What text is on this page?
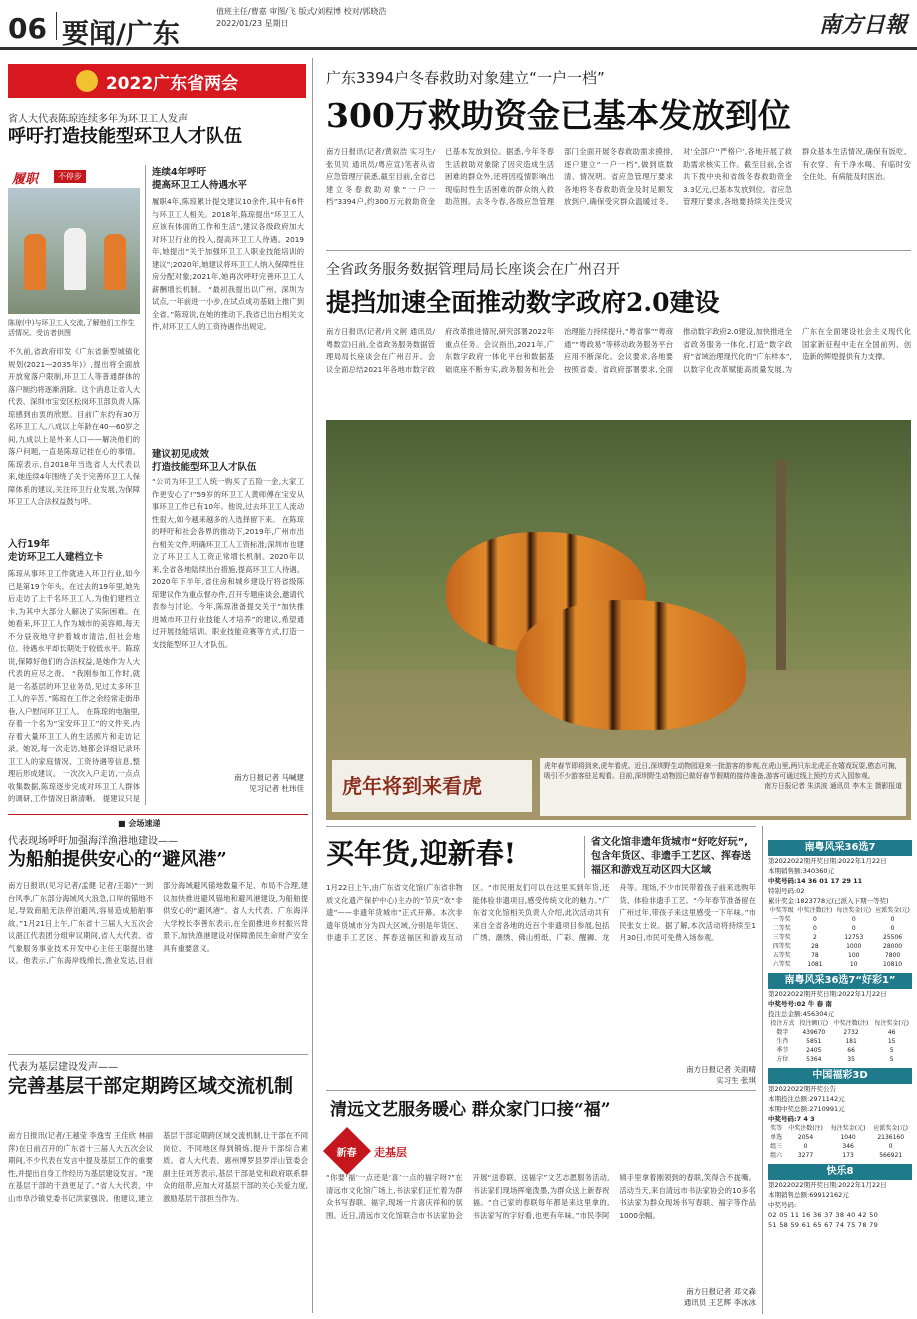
06 要闻/广东
值班主任/曹嘉 审图/飞 版式/刘程博 校对/郭晓浩
2022/01/23 星期日	南方日報
2022广东省两会
省人大代表陈琼连续多年为环卫工人发声
呼吁打造技能型环卫人才队伍
履职	不停步
陈琼(中)与环卫工人交流,了解他们工作生活情况。受访者供图
不久前,省政府印发《广东省新型城镇化规划(2021—2035年)》,提出将全面放开放宽落户限制,环卫工人等普通群体的落户制约将逐渐消除。这个消息让省人大代表、深圳市宝安区松岗环卫部负责人陈琼感到由衷的欣慰。目前广东约有30万名环卫工人,八成以上年龄在40—60岁之间,九成以上是外来人口——解决他们的落户问题,一直是陈琼记挂在心的事情。陈琼表示,自2018年当选省人大代表以来,她连续4年围绕了关于完善环卫工人保障体系的建议,关注环卫行业发展,为保障环卫工人合法权益鼓与呼。
入行19年
走访环卫工人建档立卡
陈琼从事环卫工作就进入环卫行业,如今已是第19个年头。在过去的19年里,她先后走访了上千名环卫工人,为他们建档立卡,为其中大部分人解决了实际困难。在她看来,环卫工人作为城市的美容师,每天不分昼夜地守护着城市清洁,但社会地位、待遇水平却长期处于较低水平。陈琼说,保障好他们的合法权益,是她作为人大代表的应尽之责。 “我刚参加工作时,就是一名基层的环卫业务员,见过太多环卫工人的辛苦。”陈琼在工作之余经常走街串巷,入户慰问环卫工人。 在陈琼的电脑里,存着一个名为“宝安环卫工”的文件夹,内存着大量环卫工人的生活照片和走访记录。她说,每一次走访,她都会详细记录环卫工人的家庭情况、工资待遇等信息,整理后形成建议。 一次次入户走访,一点点收集数据,陈琼逐步完成对环卫工人群体的调研,工作情况日渐清晰。 提建议只是
连续4年呼吁
提高环卫工人待遇水平
履职4年,陈琼累计提交建议10余件,其中有6件与环卫工人相关。2018年,陈琼提出“环卫工人应该有体面的工作和生活”,建议各级政府加大对环卫行业的投入,提高环卫工人待遇。2019年,她提出“关于加强环卫工人职业技能培训的建议”;2020年,她建议将环卫工人纳入保障性住房分配对象;2021年,她再次呼吁完善环卫工人薪酬增长机制。 “最初我提出以广州、深圳为试点,一年前进一小步,在试点成功基础上推广到全省。”陈琼说,在她的推动下,我省已出台相关文件,对环卫工人的工资待遇作出规定。
建议初见成效
打造技能型环卫人才队伍
“公司为环卫工人统一购买了五险一金,大家工作更安心了!”59岁的环卫工人黄师傅在宝安从事环卫工作已有10年。他说,过去环卫工人流动性很大,如今越来越多的人选择留下来。 在陈琼的呼吁和社会各界的推动下,2019年,广州市出台相关文件,明确环卫工人工资标准;深圳市也建立了环卫工人工资正常增长机制。2020年以来,全省各地陆续出台措施,提高环卫工人待遇。 2020年下半年,省住房和城乡建设厅将省级陈琼建议作为重点督办件,召开专题座谈会,邀请代表参与讨论。今年,陈琼准备提交关于“加快推进城市环卫行业技能人才培养”的建议,希望通过开展技能培训、职业技能竞赛等方式,打造一支技能型环卫人才队伍。
南方日报记者 马喊建
见习记者 杜玮佳
■ 会场速递
代表现场呼吁加强海洋渔港地建设——
为船舶提供安心的“避风港”
南方日报讯(见习记者/孟健 记者/王聪)“一到台风季,广东部分海域风大浪急,口岸的锚地不足,导致商船无法停泊避风,容易造成船舶事故。”1月21日上午,广东省十三届人大五次会议湛江代表团分组审议期间,省人大代表、省气象服务事业技术开发中心主任王聪提出建议。他表示,广东海岸线绵长,渔业发达,目前部分海域避风锚地数量不足、布局不合理,建议加快推进避风锚地和避风港建设,为船舶提供安心的“避风港”。省人大代表、广东海洋大学校长李善东表示,在全面推进乡村振兴背景下,加快渔港建设对保障渔民生命财产安全具有重要意义。
代表为基层建设发声——
完善基层干部定期跨区域交流机制
南方日报讯(记者/王越莹 李逸雪 王佳欣 林丽萍)在日前召开的广东省十三届人大五次会议期间,不少代表在发言中提及基层工作的重要性,并提出自身工作经历为基层建设发言。“现在基层干部的干劲更足了。”省人大代表、中山市阜沙镇党委书记洪家强说。他建议,建立基层干部定期跨区域交流机制,让干部在不同岗位、不同地区得到锻炼,提升干部综合素质。省人大代表、惠州博罗县罗浮山管委会副主任刘芳表示,基层干部是党和政府联系群众的纽带,应加大对基层干部的关心关爱力度,激励基层干部担当作为。
广东3394户冬春救助对象建立“一户一档”
300万救助资金已基本发放到位
南方日报讯(记者/黄叙浩 实习生/张贝贝 通讯员/粤应宣)笔者从省应急管理厅获悉,截至目前,全省已建立冬春救助对象“一户一档”3394户,约300万元救助资金已基本发放到位。据悉,今年冬春生活救助对象除了因灾造成生活困难的群众外,还将因疫情影响出现临时性生活困难的群众纳入救助范围。去冬今春,各级应急管理部门全面开展冬春救助需求摸排,逐户建立“一户一档”,做到底数清、情况明。省应急管理厅要求各地将冬春救助资金及时足额发放到户,确保受灾群众温暖过冬。对‘全部户’‘严格户’,各地开展了救助需求核实工作。截至目前,全省共下拨中央和省级冬春救助资金3.3亿元,已基本发放到位。省应急管理厅要求,各地要持续关注受灾群众基本生活情况,确保有饭吃、有衣穿、有干净水喝、有临时安全住处、有病能及时医治。
全省政务服务数据管理局局长座谈会在广州召开
提挡加速全面推动数字政府2.0建设
南方日报讯(记者/肖文舸 通讯员/粤数宣)日前,全省政务服务数据管理局局长座谈会在广州召开。会议全面总结2021年各地市数字政府改革推进情况,研究部署2022年重点任务。会议指出,2021年,广东数字政府一体化平台和数据基础底座不断夯实,政务服务和社会治理能力持续提升,“粤省事”“粤商通”“粤政易”等移动政务服务平台应用不断深化。会议要求,各地要按照省委、省政府部署要求,全面推动数字政府2.0建设,加快推进全省政务服务一体化,打造“数字政府”省域治理现代化的“广东样本”,以数字化改革赋能高质量发展,为广东在全面建设社会主义现代化国家新征程中走在全国前列、创造新的辉煌提供有力支撑。
虎年将到来看虎
虎年春节即将到来,虎年看虎。近日,深圳野生动物园迎来一批游客的参观,在虎山里,两只东北虎正在嬉戏玩耍,憨态可掬,吸引不少游客驻足观看。目前,深圳野生动物园已做好春节假期的接待准备,游客可通过线上预约方式入园参观。
南方日报记者 朱洪波 通讯员 李木主 摄影报道
买年货,迎新春!	省文化馆非遗年货城市“好吃好玩”,包含年货区、非遗手工艺区、挥春送福区和游戏互动区四大区域
1月22日上午,由广东省文化馆(广东省非物质文化遗产保护中心)主办的“节庆”欢“非遗”——非遗年货城市”正式开幕。本次非遗年货城市分为四大区域,分别是年货区、非遗手工艺区、挥春送福区和游戏互动区。“市民朋友们可以在这里买到年货,还能体验非遗项目,感受传统文化的魅力。”广东省文化馆相关负责人介绍,此次活动共有来自全省各地的近百个非遗项目参展,包括广绣、潮绣、佛山剪纸、广彩、醒狮、龙舟等。现场,不少市民带着孩子前来选购年货、体验非遗手工艺。“今年春节准备留在广州过年,带孩子来这里感受一下年味。”市民张女士说。据了解,本次活动将持续至1月30日,市民可免费入场参观。
南方日报记者 关雨晴
实习生 张琪
清远文艺服务暖心 群众家门口接“福”
新春 走基层
“你要‘福’一点还是‘喜’一点的福字呀?”在清远市文化馆广场上,书法家们正忙着为群众书写春联、福字,现场一片喜庆祥和的氛围。近日,清远市文化馆联合市书法家协会开展“送春联、送福字”文艺志愿服务活动,书法家们现场挥毫泼墨,为群众送上新春祝福。“自己家的春联每年都是来这里拿的,书法家写的字好看,也更有年味。”市民李阿姨手里拿着刚领到的春联,笑得合不拢嘴。活动当天,来自清远市书法家协会的10多名书法家为群众现场书写春联、福字等作品1000余幅。
南方日报记者 邓文森
通讯员 王艺辉 李冰冰
南粤风采36选7
第2022022期开奖日期:2022年1月22日
本期销售额:340360元
中奖号码:14 36 01 17 29 11
特别号码:02
累计奖金:1823778元(已派入下期一等奖)
中奖等级	中奖注数(注)	每注奖金(元)	应派奖金(元)
一等奖	0	0	0
二等奖	0	0	0
三等奖	2	12753	25506
四等奖	28	1000	28000
五等奖	78	100	7800
六等奖	1081	10	10810
南粤风采36选7“好彩1”
第2022022期开奖日期:2022年1月22日
中奖号号:02 牛 春 南
投注总金额:456304元
投注方式	投注额(元)	中奖注数(注)	每注奖金(元)
数字	439670	2732	46
生肖	5851	181	15
季节	2405	66	5
方位	5364	35	5
中国福彩3D
第2022022期开奖公告
本期投注总额:2971142元
本期中奖总额:2710991元
中奖号码:7 4 3
奖等	中奖注数(注)	每注奖金(元)	应派奖金(元)
单选	2054	1040	2136160
组三	0	346	0
组六	3277	173	566921
快乐8
第2022022期开奖日期:2022年1月22日
本期销售总额:69912162元
中奖号码:
02 05 11 16 36 37 38 40 42 50
51 58 59 61 65 67 74 75 78 79
